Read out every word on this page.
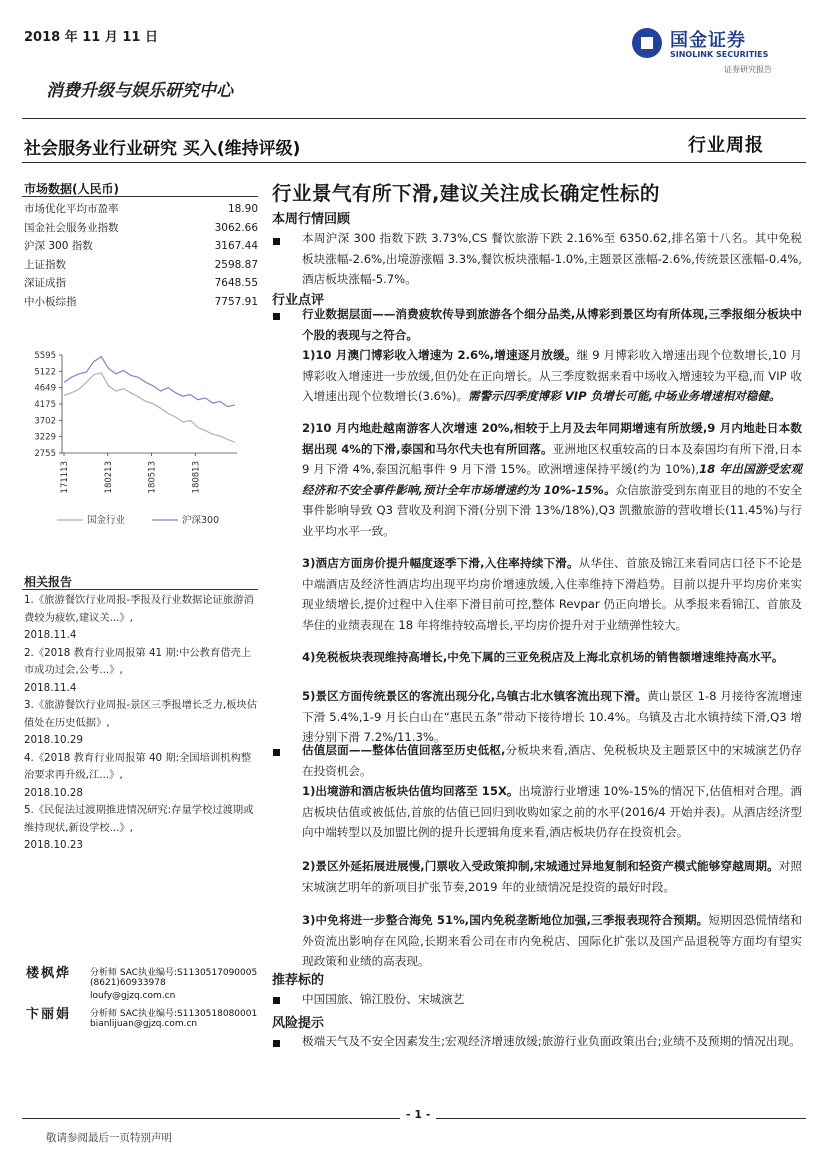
2018 年 11 月 11 日	国金证券
SINOLINK SECURITIES
证券研究报告
消费升级与娱乐研究中心
社会服务业行业研究 买入(维持评级)	行业周报
市场数据(人民币)
市场优化平均市盈率	18.90
国金社会服务业指数	3062.66
沪深 300 指数	3167.44
上证指数	2598.87
深证成指	7648.55
中小板综指	7757.91
5595
5122
4649
4175
3702
3229
2755
171113	180213	180513	180813
国金行业	沪深300
相关报告
1.《旅游餐饮行业周报-季报及行业数据论证旅游消费较为疲软,建议关...》,
2018.11.4
2.《2018 教育行业周报第 41 期:中公教育借壳上市成功过会,公考...》,
2018.11.4
3.《旅游餐饮行业周报-景区三季报增长乏力,板块估值处在历史低据》,
2018.10.29
4.《2018 教育行业周报第 40 期:全国培训机构整治要求再升级,江...》,
2018.10.28
5.《民促法过渡期推进情况研究:存量学校过渡期或维持现状,新设学校...》,
2018.10.23
楼枫烨 分析师 SAC执业编号:S1130517090005
(8621)60933978
loufy@gjzq.com.cn
卞丽娟 分析师 SAC执业编号:S1130518080001
bianlijuan@gjzq.com.cn
行业景气有所下滑,建议关注成长确定性标的
本周行情回顾
本周沪深 300 指数下跌 3.73%,CS 餐饮旅游下跌 2.16%至 6350.62,排名第十八名。其中免税板块涨幅-2.6%,出境游涨幅 3.3%,餐饮板块涨幅-1.0%,主题景区涨幅-2.6%,传统景区涨幅-0.4%,酒店板块涨幅-5.7%。
行业点评
行业数据层面——消费疲软传导到旅游各个细分品类,从博彩到景区均有所体现,三季报细分板块中个股的表现与之符合。
1)10 月澳门博彩收入增速为 2.6%,增速逐月放缓。继 9 月博彩收入增速出现个位数增长,10 月博彩收入增速进一步放缓,但仍处在正向增长。从三季度数据来看中场收入增速较为平稳,而 VIP 收入增速出现个位数增长(3.6%)。需警示四季度博彩 VIP 负增长可能,中场业务增速相对稳健。
2)10 月内地赴越南游客人次增速 20%,相较于上月及去年同期增速有所放缓,9 月内地赴日本数据出现 4%的下滑,泰国和马尔代夫也有所回落。亚洲地区权重较高的日本及泰国均有所下滑,日本 9 月下滑 4%,泰国沉船事件 9 月下滑 15%。欧洲增速保持平缓(约为 10%),18 年出国游受宏观经济和不安全事件影响,预计全年市场增速约为 10%-15%。众信旅游受到东南亚目的地的不安全事件影响导致 Q3 营收及利润下滑(分别下滑 13%/18%),Q3 凯撒旅游的营收增长(11.45%)与行业平均水平一致。
3)酒店方面房价提升幅度逐季下滑,入住率持续下滑。从华住、首旅及锦江来看同店口径下不论是中端酒店及经济性酒店均出现平均房价增速放缓,入住率维持下滑趋势。目前以提升平均房价来实现业绩增长,提价过程中入住率下滑目前可控,整体 Revpar 仍正向增长。从季报来看锦江、首旅及华住的业绩表现在 18 年将维持较高增长,平均房价提升对于业绩弹性较大。
4)免税板块表现维持高增长,中免下属的三亚免税店及上海北京机场的销售额增速维持高水平。
5)景区方面传统景区的客流出现分化,乌镇古北水镇客流出现下滑。黄山景区 1-8 月接待客流增速下滑 5.4%,1-9 月长白山在“惠民五条”带动下接待增长 10.4%。乌镇及古北水镇持续下滑,Q3 增速分别下滑 7.2%/11.3%。
估值层面——整体估值回落至历史低枢,分板块来看,酒店、免税板块及主题景区中的宋城演艺仍存在投资机会。
1)出境游和酒店板块估值均回落至 15X。出境游行业增速 10%-15%的情况下,估值相对合理。酒店板块估值或被低估,首旅的估值已回归到收购如家之前的水平(2016/4 开始并表)。从酒店经济型向中端转型以及加盟比例的提升长逻辑角度来看,酒店板块仍存在投资机会。
2)景区外延拓展进展慢,门票收入受政策抑制,宋城通过异地复制和轻资产模式能够穿越周期。对照宋城演艺明年的新项目扩张节奏,2019 年的业绩情况是投资的最好时段。
3)中免将进一步整合海免 51%,国内免税垄断地位加强,三季报表现符合预期。短期因恐慌情绪和外资流出影响存在风险,长期来看公司在市内免税店、国际化扩张以及国产品退税等方面均有望实现政策和业绩的高表现。
推荐标的
中国国旅、锦江股份、宋城演艺
风险提示
极端天气及不安全因素发生;宏观经济增速放缓;旅游行业负面政策出台;业绩不及预期的情况出现。
- 1 -
敬请参阅最后一页特别声明
